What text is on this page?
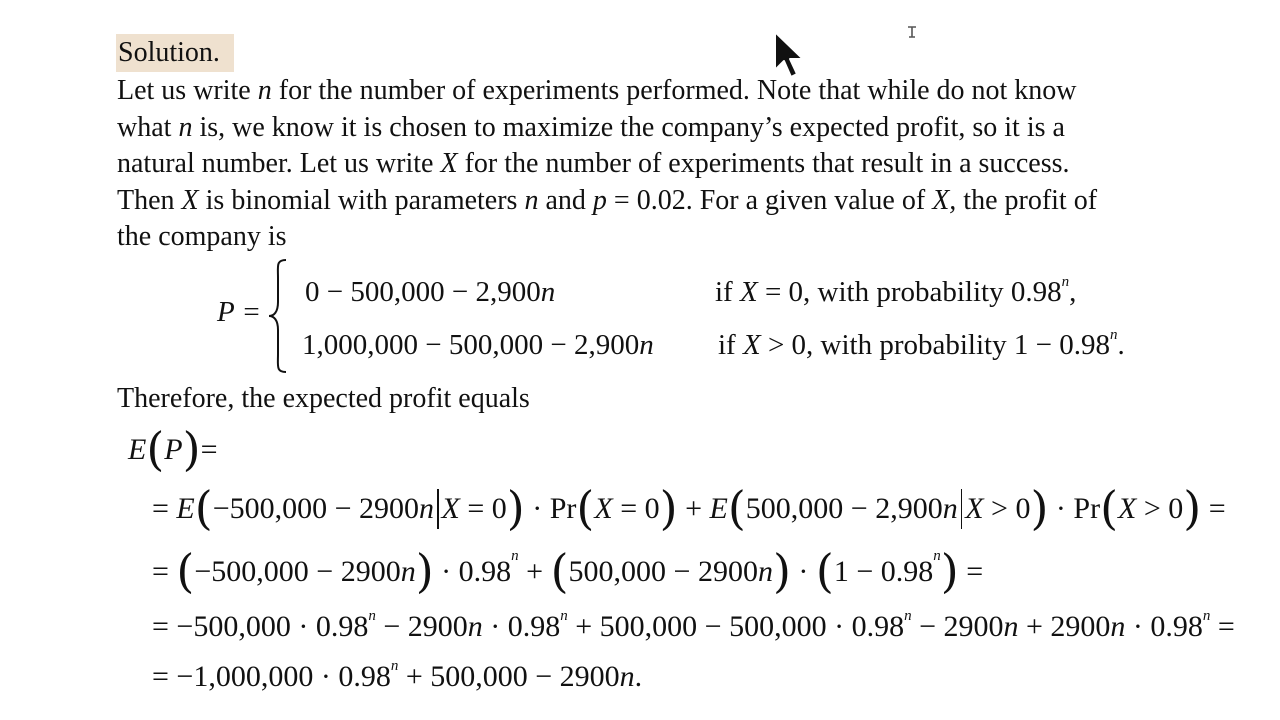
Solution.

Let us write n for the number of experiments performed. Note that while do not know

what n is, we know it is chosen to maximize the company’s expected profit, so it is a

natural number. Let us write X for the number of experiments that result in a success.

Then X is binomial with parameters n and p = 0.02. For a given value of X, the profit of

the company is

P =
0 − 500,000 − 2,900n	if X = 0, with probability 0.98$^n$,
1,000,000 − 500,000 − 2,900n if X > 0, with probability $1 - 0.98^n$.
Therefore, the expected profit equals
E(P)=
= E(−500,000 − 2900n X = 0) · Pr(X = 0) + E(500,000 − 2,900n X > 0) · Pr(X > 0) =
= $(-500,000 - 2900n) \cdot 0.98^n + (500,000 - 2900n) \cdot (1 - 0.98^n)$ =
= $-500,000 \cdot 0.98^n - 2900n \cdot 0.98^n + 500,000 - 500,000 \cdot 0.98^n - 2900n + 2900n \cdot 0.98^n$ =
= $-1,000,000 \cdot 0.98^n + 500,000 - 2900n$.
